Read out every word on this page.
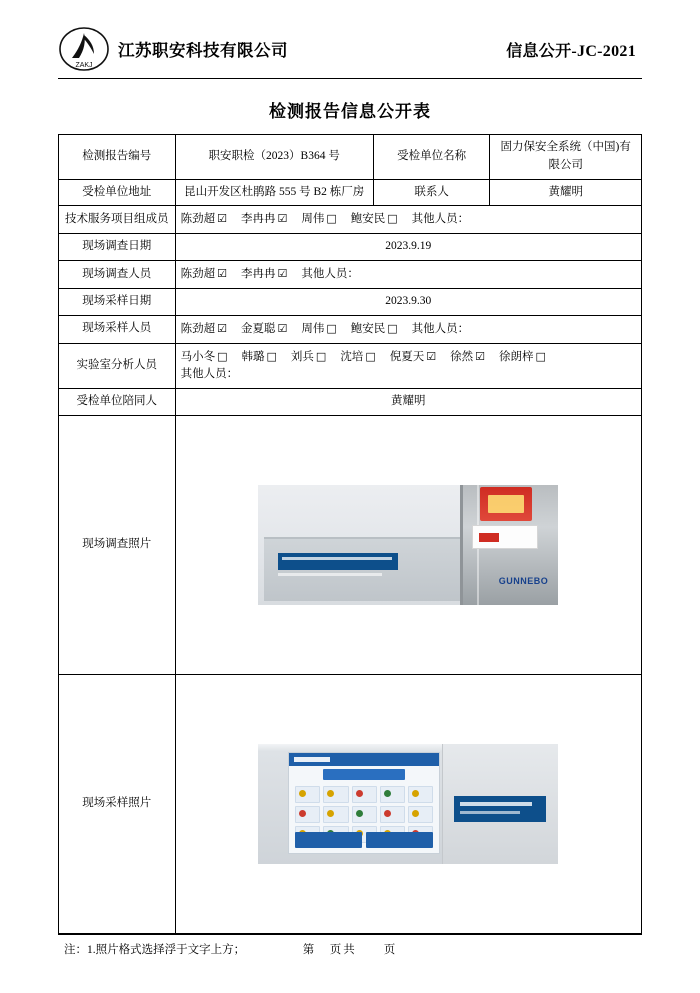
ZAKJ
江苏职安科技有限公司	信息公开-JC-2021
检测报告信息公开表
检测报告编号	职安职检（2023）B364 号	受检单位名称	固力保安全系统（中国)有限公司
受检单位地址	昆山开发区杜鹃路 555 号 B2 栋厂房	联系人	黄耀明
技术服务项目组成员	陈劲超 ☑ 李冉冉 ☑ 周伟 □ 鲍安民 □ 其他人员：		
现场调查日期	2023.9.19		
现场调查人员	陈劲超 ☑ 李冉冉 ☑ 其他人员：		
现场采样日期	2023.9.30		
现场采样人员	陈劲超 ☑ 金夏聪 ☑ 周伟 □ 鲍安民 □ 其他人员：		
实验室分析人员	马小冬 □ 韩璐 □ 刘兵 □ 沈培 □ 倪夏天 ☑ 徐然 ☑ 徐朗梓 □
其他人员：		

受检单位陪同人	黄耀明		
现场调查照片	GUNNEBO		

现场采样照片			
注：1.照片格式选择浮于文字上方；	第　页共　　页
